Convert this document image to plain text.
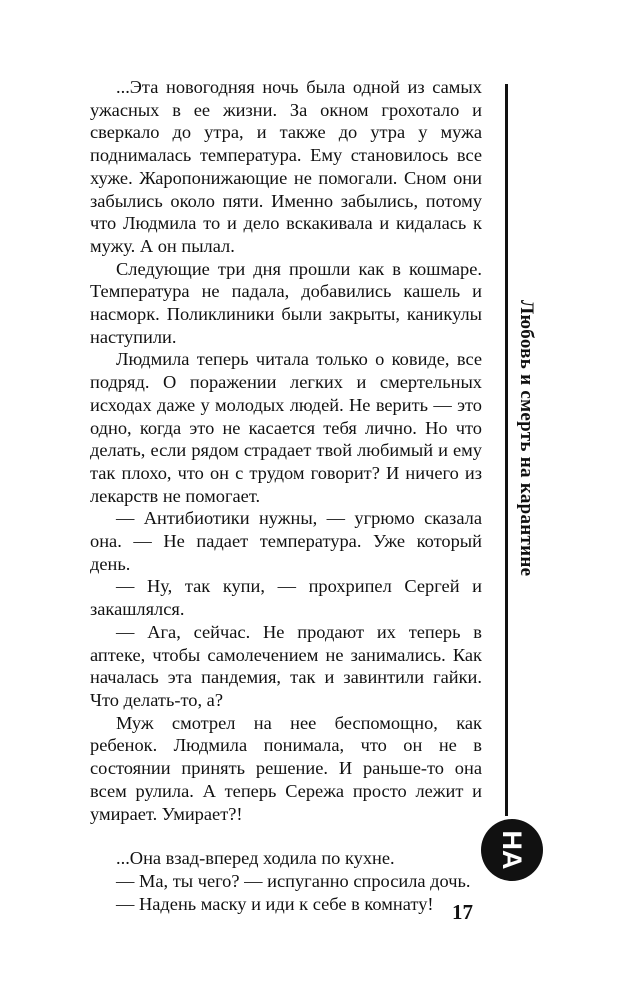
...Эта новогодняя ночь была одной из самых ужасных в ее жизни. За окном грохотало и сверкало до утра, и также до утра у мужа поднималась температура. Ему становилось все хуже. Жаропонижающие не помогали. Сном они забылись около пяти. Именно забылись, потому что Людмила то и дело вскакивала и кидалась к мужу. А он пылал.

Следующие три дня прошли как в кошмаре. Температура не падала, добавились кашель и насморк. Поликлиники были закрыты, каникулы наступили.

Людмила теперь читала только о ковиде, все подряд. О поражении легких и смертельных исходах даже у молодых людей. Не верить — это одно, когда это не касается тебя лично. Но что делать, если рядом страдает твой любимый и ему так плохо, что он с трудом говорит? И ничего из лекарств не помогает.

— Антибиотики нужны, — угрюмо сказала она. — Не падает температура. Уже который день.

— Ну, так купи, — прохрипел Сергей и закашлялся.

— Ага, сейчас. Не продают их теперь в аптеке, чтобы самолечением не занимались. Как началась эта пандемия, так и завинтили гайки. Что делать-то, а?

Муж смотрел на нее беспомощно, как ребенок. Людмила понимала, что он не в состоянии принять решение. И раньше-то она всем рулила. А теперь Сережа просто лежит и умирает. Умирает?!

...Она взад-вперед ходила по кухне.

— Ма, ты чего? — испуганно спросила дочь.

— Надень маску и иди к себе в комнату!

Любовь и смерть на карантине
НА
17
